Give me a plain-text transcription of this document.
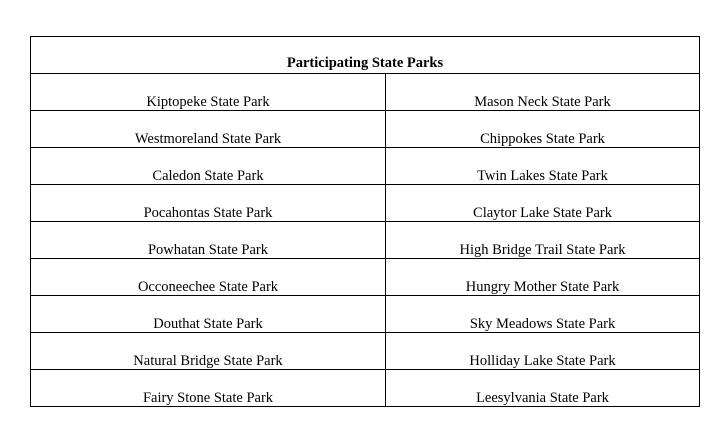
Participating State Parks	
Kiptopeke State Park	Mason Neck State Park
Westmoreland State Park	Chippokes State Park
Caledon State Park	Twin Lakes State Park
Pocahontas State Park	Claytor Lake State Park
Powhatan State Park	High Bridge Trail State Park
Occoneechee State Park	Hungry Mother State Park
Douthat State Park	Sky Meadows State Park
Natural Bridge State Park	Holliday Lake State Park
Fairy Stone State Park	Leesylvania State Park
